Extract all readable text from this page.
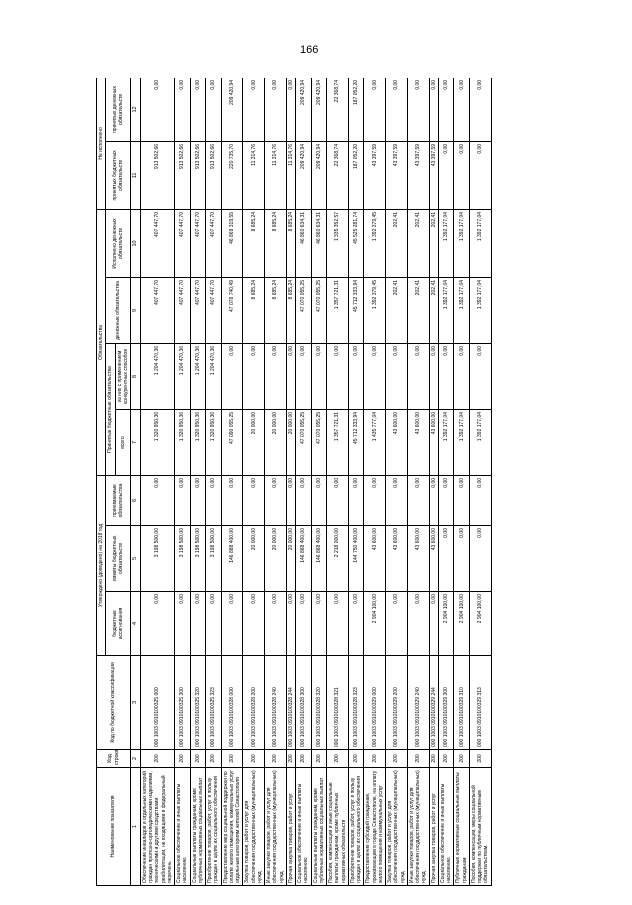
166
Наименование показателя	Код строки	Код по бюджетной классификации	Утверждено (доведено) на 2018 год			Обязательства				Не исполнено	
			бюджетные ассигнования	лимиты бюджетных обязательств	принимаемые обязательства	Принятые бюджетные обязательства		денежные обязательства	Исполнено денежных обязательств	принятых бюджетных обязательств	принятых денежных обязательств
						всего	из них с применением конкурентных способов				
1	2	3	4	5	6	7	8	9	10	11	12
Обеспечение инвалидов и отдельных категорий граждан протезно-ортопедическими изделиями, техническими и другими средствами реабилитации, не входящими в федеральный перечень	200	000 1003 0910100325 000	0,00	3 198 500,00	0,00	1 320 950,36	1 204 470,36	407 447,70	407 447,70	913 502,66	0,00
Социальное обеспечение и иные выплаты населению	200	000 1003 0910100325 300	0,00	3 198 500,00	0,00	1 320 950,36	1 204 470,36	407 447,70	407 447,70	913 502,66	0,00
Социальные выплаты гражданам, кроме публичных нормативных социальных выплат	200	000 1003 0910100325 320	0,00	3 198 500,00	0,00	1 320 950,36	1 204 470,36	407 447,70	407 447,70	913 502,66	0,00
Приобретение товаров, работ, услуг в пользу граждан в целях их социального обеспечения	200	000 1003 0910100325 323	0,00	3 198 500,00	0,00	1 320 950,36	1 204 470,36	407 447,70	407 447,70	913 502,66	0,00
Предоставление мер социальной поддержки по оплате жилого помещения, коммунальных услуг отдельным категориям жителей Севастополя	200	000 1003 0910100328 000	0,00	146 888 400,00	0,00	47 090 055,25	0,00	47 078 740,49	46 869 319,55	220 735,70	209 420,94
Закупка товаров, работ и услуг для обеспечения государственных (муниципальных) нужд	200	000 1003 0910100328 200	0,00	20 000,00	0,00	20 000,00	0,00	8 685,24	8 685,24	11 314,76	0,00
Иные закупки товаров, работ и услуг для обеспечения государственных (муниципальных) нужд	200	000 1003 0910100328 240	0,00	20 000,00	0,00	20 000,00	0,00	8 685,24	8 685,24	11 314,76	0,00
Прочая закупка товаров, работ и услуг	200	000 1003 0910100328 244	0,00	20 000,00	0,00	20 000,00	0,00	8 685,24	8 685,24	11 314,76	0,00
Социальное обеспечение и иные выплаты населению	200	000 1003 0910100328 300	0,00	146 868 400,00	0,00	47 070 055,25	0,00	47 070 055,25	46 860 634,31	209 420,94	209 420,94
Социальные выплаты гражданам, кроме публичных нормативных социальных выплат	200	000 1003 0910100328 320	0,00	146 868 400,00	0,00	47 070 055,25	0,00	47 070 055,25	46 860 634,31	209 420,94	209 420,94
Пособия, компенсации и иные социальные выплаты гражданам, кроме публичных нормативных обязательств	200	000 1003 0910100328 321	0,00	2 218 000,00	0,00	1 357 721,31	0,00	1 357 721,31	1 335 352,57	22 368,74	22 368,74
Приобретение товаров, работ, услуг в пользу граждан в целях их социального обеспечения	200	000 1003 0910100328 323	0,00	144 750 400,00	0,00	45 712 333,94	0,00	45 712 333,94	45 525 281,74	187 052,20	187 052,20
Предоставление субсидий гражданам, проживающим в городе Севастополе, на оплату жилого помещения и коммунальных услуг	200	000 1003 0910100329 000	2 904 100,00	43 600,00	0,00	1 435 777,04	0,00	1 392 379,45	1 392 379,45	43 397,59	0,00
Закупка товаров, работ и услуг для обеспечения государственных (муниципальных) нужд	200	000 1003 0910100329 200	0,00	43 600,00	0,00	43 600,00	0,00	202,41	202,41	43 397,59	0,00
Иные закупки товаров, работ и услуг для обеспечения государственных (муниципальных) нужд	200	000 1003 0910100329 240	0,00	43 600,00	0,00	43 600,00	0,00	202,41	202,41	43 397,59	0,00
Прочая закупка товаров, работ и услуг	200	000 1003 0910100329 244	0,00	43 600,00	0,00	43 600,00	0,00	202,41	202,41	43 397,59	0,00
Социальное обеспечение и иные выплаты населению	200	000 1003 0910100329 300	2 904 100,00	0,00	0,00	1 392 177,04	0,00	1 392 177,04	1 392 177,04	0,00	0,00
Публичные нормативные социальные выплаты гражданам	200	000 1003 0910100329 310	2 904 100,00	0,00	0,00	1 392 177,04	0,00	1 392 177,04	1 392 177,04	0,00	0,00
Пособия, компенсации, меры социальной поддержки по публичным нормативным обязательствам	200	000 1003 0910100329 313	2 904 100,00	0,00	0,00	1 392 177,04	0,00	1 392 177,04	1 392 177,04	0,00	0,00
